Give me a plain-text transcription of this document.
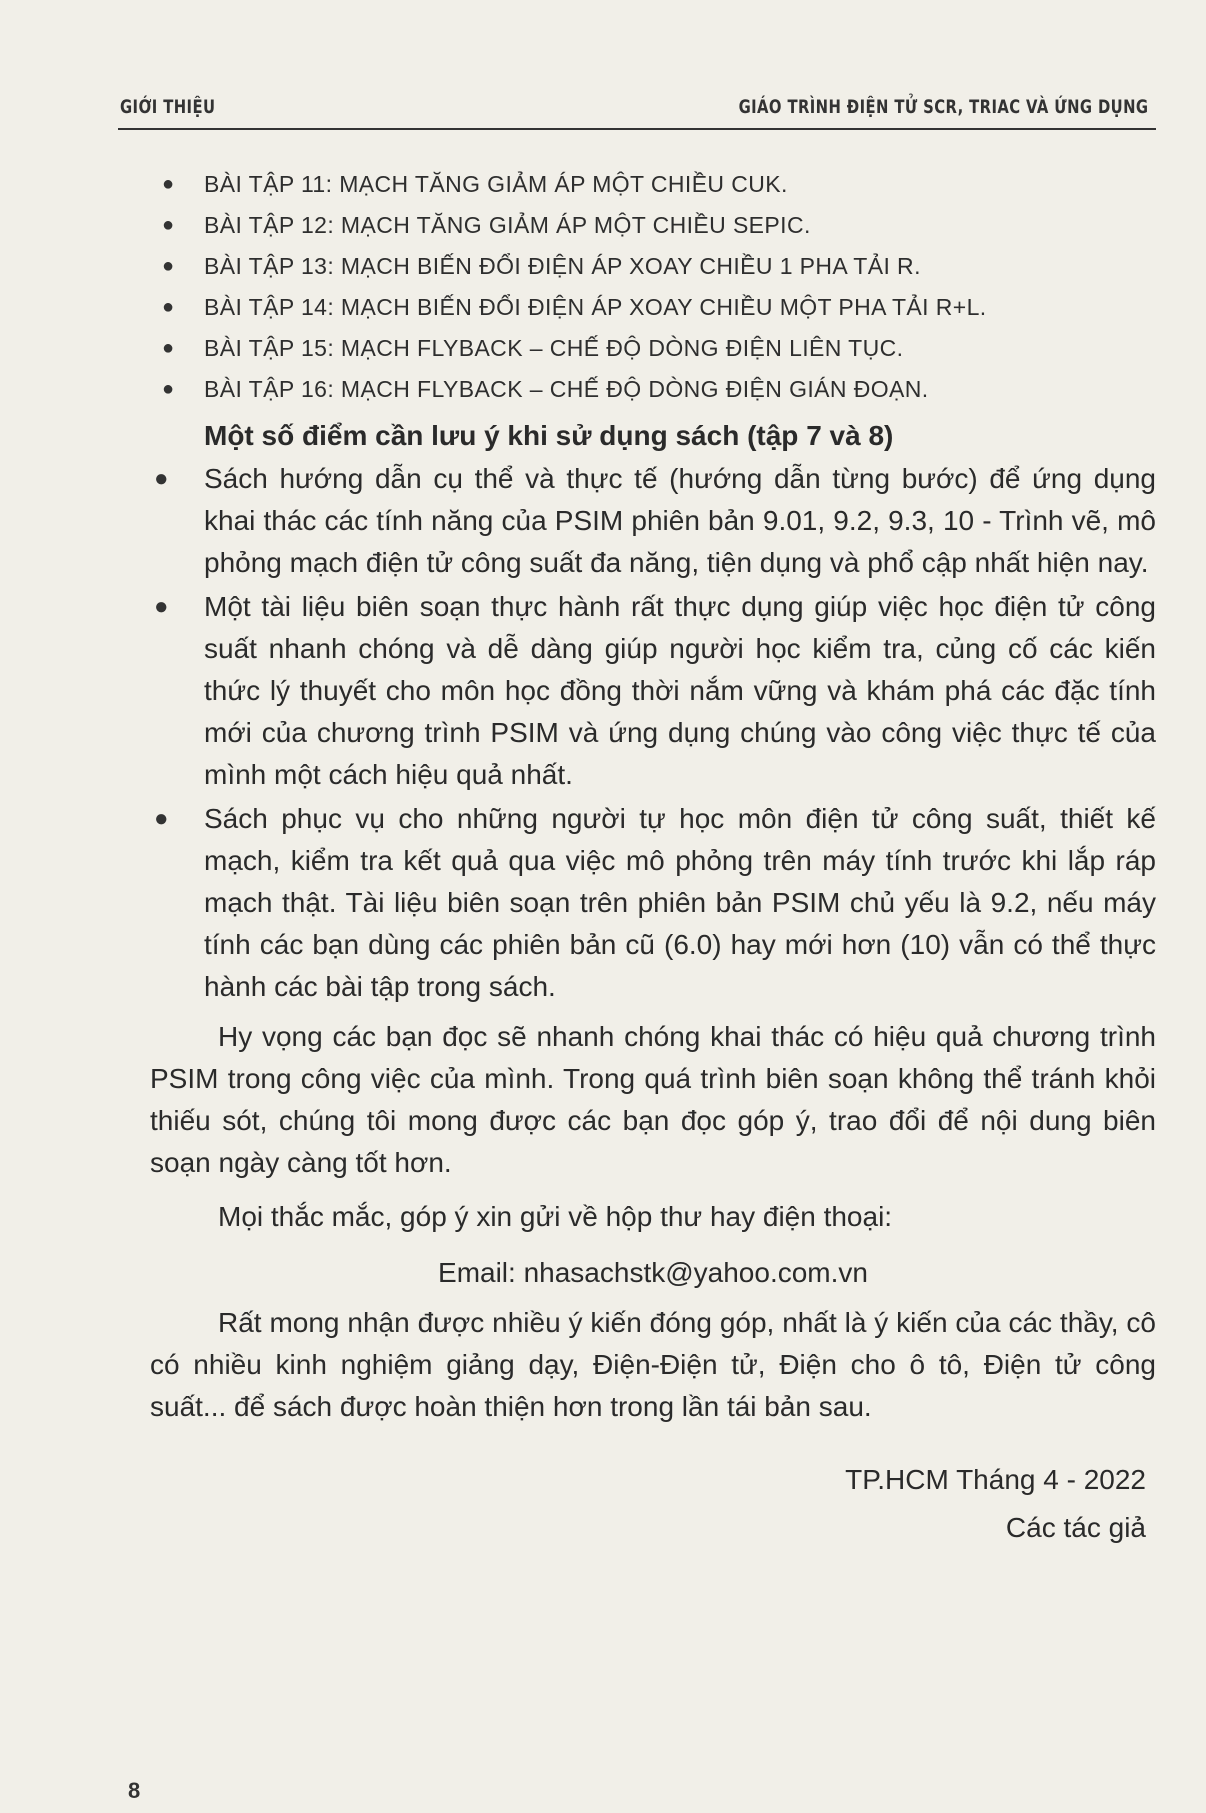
GIỚI THIỆU	GIÁO TRÌNH ĐIỆN TỬ SCR, TRIAC VÀ ỨNG DỤNG
● BÀI TẬP 11: MẠCH TĂNG GIẢM ÁP MỘT CHIỀU CUK.
● BÀI TẬP 12: MẠCH TĂNG GIẢM ÁP MỘT CHIỀU SEPIC.
● BÀI TẬP 13: MẠCH BIẾN ĐỔI ĐIỆN ÁP XOAY CHIỀU 1 PHA TẢI R.
● BÀI TẬP 14: MẠCH BIẾN ĐỔI ĐIỆN ÁP XOAY CHIỀU MỘT PHA TẢI R+L.
● BÀI TẬP 15: MẠCH FLYBACK – CHẾ ĐỘ DÒNG ĐIỆN LIÊN TỤC.
● BÀI TẬP 16: MẠCH FLYBACK – CHẾ ĐỘ DÒNG ĐIỆN GIÁN ĐOẠN.
Một số điểm cần lưu ý khi sử dụng sách (tập 7 và 8)
● Sách hướng dẫn cụ thể và thực tế (hướng dẫn từng bước) để ứng dụng khai thác các tính năng của PSIM phiên bản 9.01, 9.2, 9.3, 10 - Trình vẽ, mô phỏng mạch điện tử công suất đa năng, tiện dụng và phổ cập nhất hiện nay.
● Một tài liệu biên soạn thực hành rất thực dụng giúp việc học điện tử công suất nhanh chóng và dễ dàng giúp người học kiểm tra, củng cố các kiến thức lý thuyết cho môn học đồng thời nắm vững và khám phá các đặc tính mới của chương trình PSIM và ứng dụng chúng vào công việc thực tế của mình một cách hiệu quả nhất.
● Sách phục vụ cho những người tự học môn điện tử công suất, thiết kế mạch, kiểm tra kết quả qua việc mô phỏng trên máy tính trước khi lắp ráp mạch thật. Tài liệu biên soạn trên phiên bản PSIM chủ yếu là 9.2, nếu máy tính các bạn dùng các phiên bản cũ (6.0) hay mới hơn (10) vẫn có thể thực hành các bài tập trong sách.

Hy vọng các bạn đọc sẽ nhanh chóng khai thác có hiệu quả chương trình PSIM trong công việc của mình. Trong quá trình biên soạn không thể tránh khỏi thiếu sót, chúng tôi mong được các bạn đọc góp ý, trao đổi để nội dung biên soạn ngày càng tốt hơn.

Mọi thắc mắc, góp ý xin gửi về hộp thư hay điện thoại:

Email: nhasachstk@yahoo.com.vn

Rất mong nhận được nhiều ý kiến đóng góp, nhất là ý kiến của các thầy, cô có nhiều kinh nghiệm giảng dạy, Điện-Điện tử, Điện cho ô tô, Điện tử công suất... để sách được hoàn thiện hơn trong lần tái bản sau.

TP.HCM Tháng 4 - 2022
Các tác giả
8
